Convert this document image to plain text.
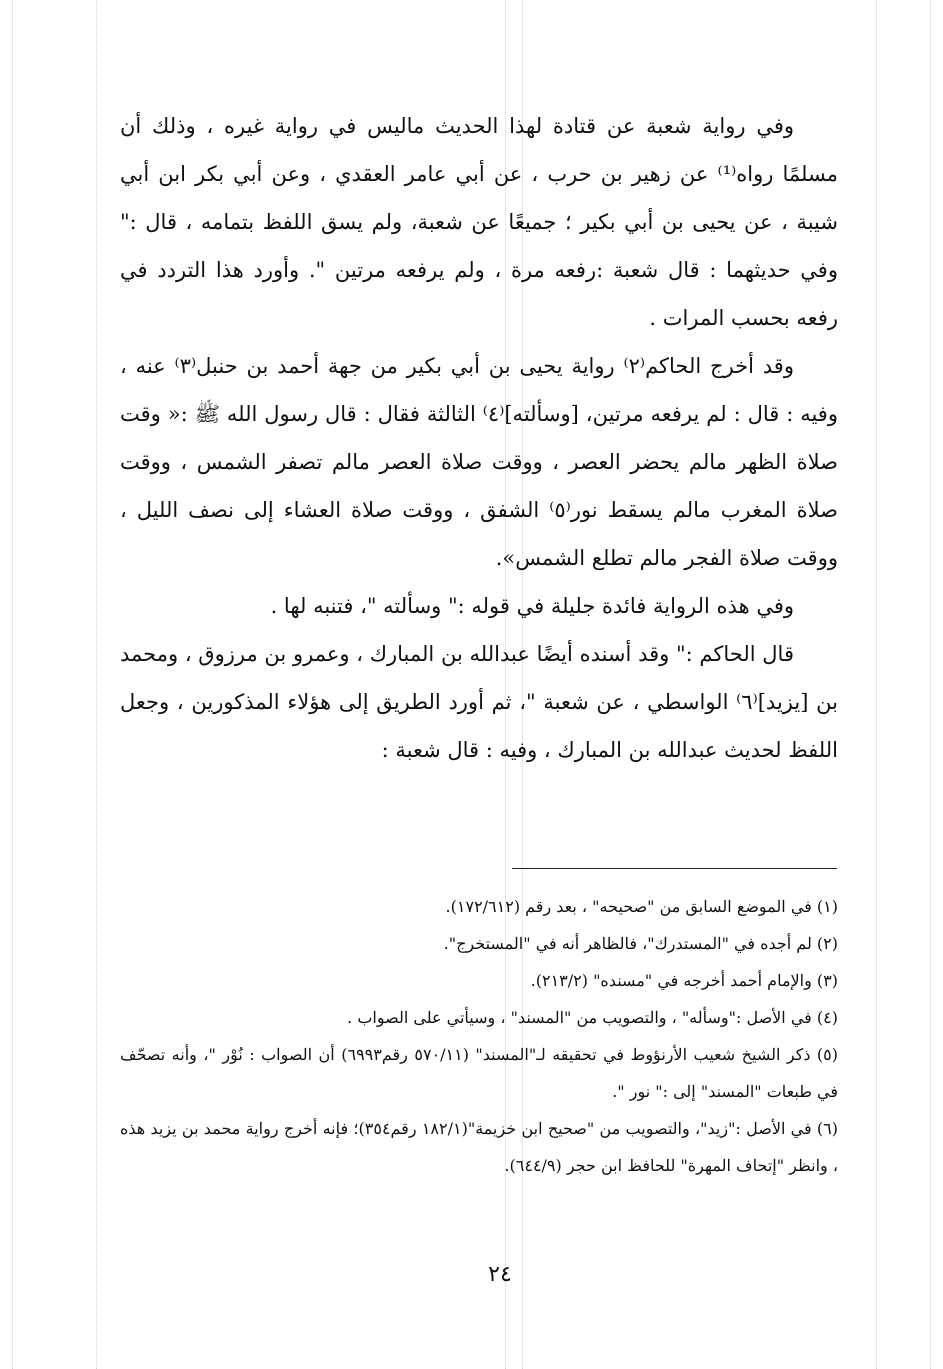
وفي رواية شعبة عن قتادة لهذا الحديث ماليس في رواية غيره ، وذلك أن مسلمًا رواه⁽¹⁾ عن زهير بن حرب ، عن أبي عامر العقدي ، وعن أبي بكر ابن أبي شيبة ، عن يحيى بن أبي بكير ؛ جميعًا عن شعبة، ولم يسق اللفظ بتمامه ، قال :" وفي حديثهما : قال شعبة :رفعه مرة ، ولم يرفعه مرتين ". وأورد هذا التردد في رفعه بحسب المرات .

وقد أخرج الحاكم⁽٢⁾ رواية يحيى بن أبي بكير من جهة أحمد بن حنبل⁽٣⁾ عنه ، وفيه : قال : لم يرفعه مرتين، [وسألته]⁽٤⁾ الثالثة فقال : قال رسول الله ﷺ :« وقت صلاة الظهر مالم يحضر العصر ، ووقت صلاة العصر مالم تصفر الشمس ، ووقت صلاة المغرب مالم يسقط نور⁽٥⁾ الشفق ، ووقت صلاة العشاء إلى نصف الليل ، ووقت صلاة الفجر مالم تطلع الشمس».

وفي هذه الرواية فائدة جليلة في قوله :" وسألته "، فتنبه لها .

قال الحاكم :" وقد أسنده أيضًا عبدالله بن المبارك ، وعمرو بن مرزوق ، ومحمد بن [يزيد]⁽٦⁾ الواسطي ، عن شعبة "، ثم أورد الطريق إلى هؤلاء المذكورين ، وجعل اللفظ لحديث عبدالله بن المبارك ، وفيه : قال شعبة :

(١) في الموضع السابق من "صحيحه" ، بعد رقم (١٧٢/٦١٢).

(٢) لم أجده في "المستدرك"، فالظاهر أنه في "المستخرج".

(٣) والإمام أحمد أخرجه في "مسنده" (٢١٣/٢).

(٤) في الأصل :"وسأله" ، والتصويب من "المسند" ، وسيأتي على الصواب .

(٥) ذكر الشيخ شعيب الأرنؤوط في تحقيقه لـ"المسند" (٥٧٠/١١ رقم٦٩٩٣) أن الصواب : نُوْر "، وأنه تصحّف في طبعات "المسند" إلى :" نور ".

(٦) في الأصل :"زيد"، والتصويب من "صحيح ابن خزيمة"(١٨٢/١ رقم٣٥٤)؛ فإنه أخرج رواية محمد بن يزيد هذه ، وانظر "إتحاف المهرة" للحافظ ابن حجر (٦٤٤/٩).

٢٤
